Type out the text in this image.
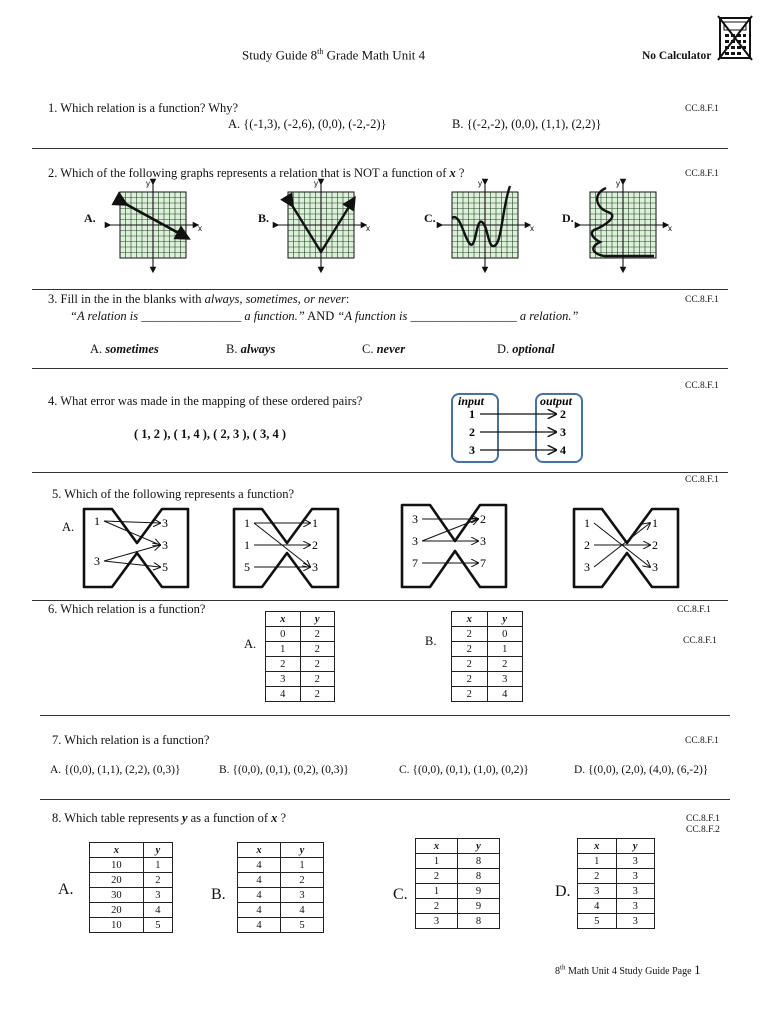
Study Guide 8th Grade Math Unit 4	No Calculator
1. Which relation is a function? Why?	CC.8.F.1
A. {(-1,3), (-2,6), (0,0), (-2,-2)}	B. {(-2,-2), (0,0), (1,1), (2,2)}
2. Which of the following graphs represents a relation that is NOT a function of x ?	CC.8.F.1
A.	B.	C.	D.
x
y
x
y
x
y
x
y
3. Fill in the in the blanks with always, sometimes, or never:	CC.8.F.1
“A relation is ________________ a function.” AND “A function is _________________ a relation.”
A. sometimes	B. always	C. never	D. optional
CC.8.F.1
4. What error was made in the mapping of these ordered pairs?
( 1, 2 ), ( 1, 4 ), ( 2, 3 ), ( 3, 4 )
input	output
1
2
3
2
3
4
CC.8.F.1
5. Which of the following represents a function?
A. 1
3
3
3
5
1
1
5
1
2
3
3
3
7
2
3
7
1
2
3
1
2
3
6. Which relation is a function?	CC.8.F.1
CC.8.F.1
A.	B.
x	y
0	2
1	2
2	2
3	2
4	2
x	y
2	0
2	1
2	2
2	3
2	4
7. Which relation is a function?	CC.8.F.1
A. {(0,0), (1,1), (2,2), (0,3)}	B. {(0,0), (0,1), (0,2), (0,3)}	C. {(0,0), (0,1), (1,0), (0,2)}	D. {(0,0), (2,0), (4,0), (6,-2)}
8. Which table represents y as a function of x ?	CC.8.F.1
CC.8.F.2
A.	B.	C.	D.
x	y
10	1
20	2
30	3
20	4
10	5
x	y
4	1
4	2
4	3
4	4
4	5
x	y
1	8
2	8
1	9
2	9
3	8
x	y
1	3
2	3
3	3
4	3
5	3
8th Math Unit 4 Study Guide Page 1
